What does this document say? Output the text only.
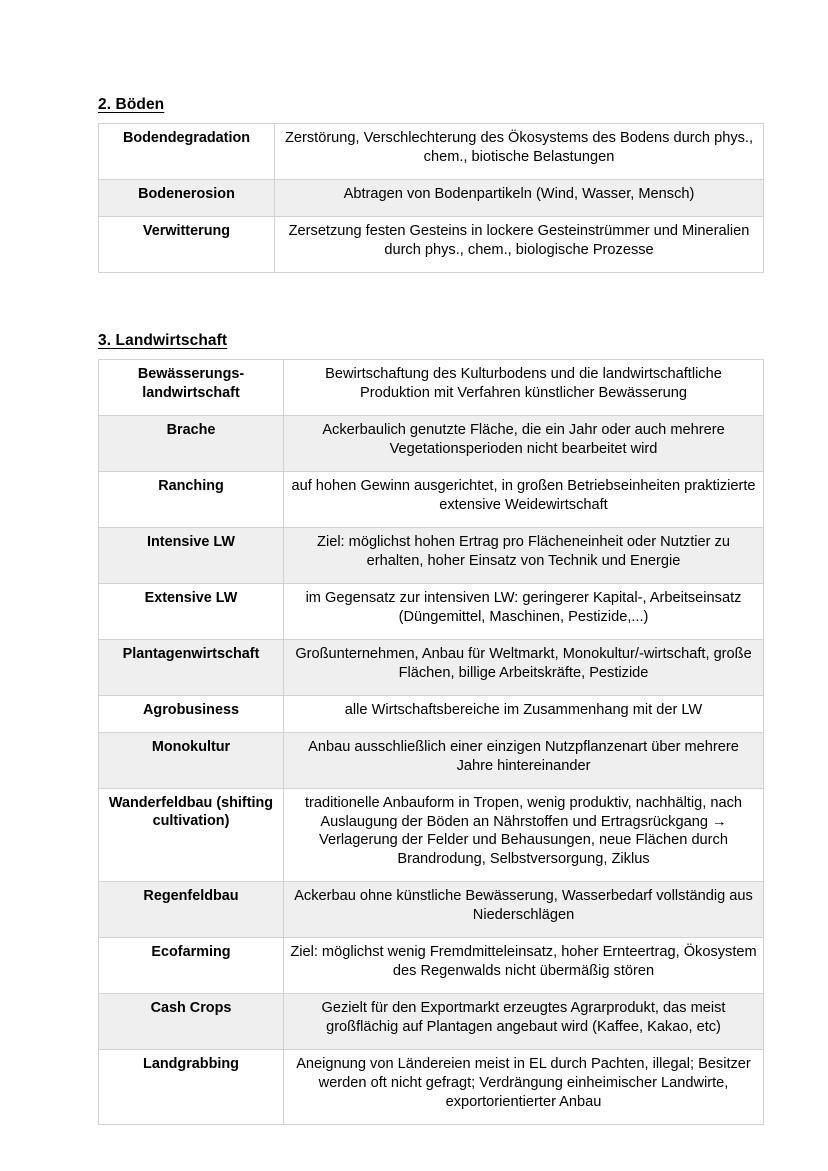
2. Böden
Bodendegradation	Zerstörung, Verschlechterung des Ökosystems des Bodens durch phys., chem., biotische Belastungen
Bodenerosion	Abtragen von Bodenpartikeln (Wind, Wasser, Mensch)
Verwitterung	Zersetzung festen Gesteins in lockere Gesteinstrümmer und Mineralien durch phys., chem., biologische Prozesse
3. Landwirtschaft
Bewässerungs-landwirtschaft	Bewirtschaftung des Kulturbodens und die landwirtschaftliche Produktion mit Verfahren künstlicher Bewässerung
Brache	Ackerbaulich genutzte Fläche, die ein Jahr oder auch mehrere Vegetationsperioden nicht bearbeitet wird
Ranching	auf hohen Gewinn ausgerichtet, in großen Betriebseinheiten praktizierte extensive Weidewirtschaft
Intensive LW	Ziel: möglichst hohen Ertrag pro Flächeneinheit oder Nutztier zu erhalten, hoher Einsatz von Technik und Energie
Extensive LW	im Gegensatz zur intensiven LW: geringerer Kapital-, Arbeitseinsatz (Düngemittel, Maschinen, Pestizide,...)
Plantagenwirtschaft	Großunternehmen, Anbau für Weltmarkt, Monokultur/-wirtschaft, große Flächen, billige Arbeitskräfte, Pestizide
Agrobusiness	alle Wirtschaftsbereiche im Zusammenhang mit der LW
Monokultur	Anbau ausschließlich einer einzigen Nutzpflanzenart über mehrere Jahre hintereinander
Wanderfeldbau (shifting cultivation)	traditionelle Anbauform in Tropen, wenig produktiv, nachhältig, nach Auslaugung der Böden an Nährstoffen und Ertragsrückgang → Verlagerung der Felder und Behausungen, neue Flächen durch Brandrodung, Selbstversorgung, Ziklus
Regenfeldbau	Ackerbau ohne künstliche Bewässerung, Wasserbedarf vollständig aus Niederschlägen
Ecofarming	Ziel: möglichst wenig Fremdmitteleinsatz, hoher Ernteertrag, Ökosystem des Regenwalds nicht übermäßig stören
Cash Crops	Gezielt für den Exportmarkt erzeugtes Agrarprodukt, das meist großflächig auf Plantagen angebaut wird (Kaffee, Kakao, etc)
Landgrabbing	Aneignung von Ländereien meist in EL durch Pachten, illegal; Besitzer werden oft nicht gefragt; Verdrängung einheimischer Landwirte, exportorientierter Anbau
